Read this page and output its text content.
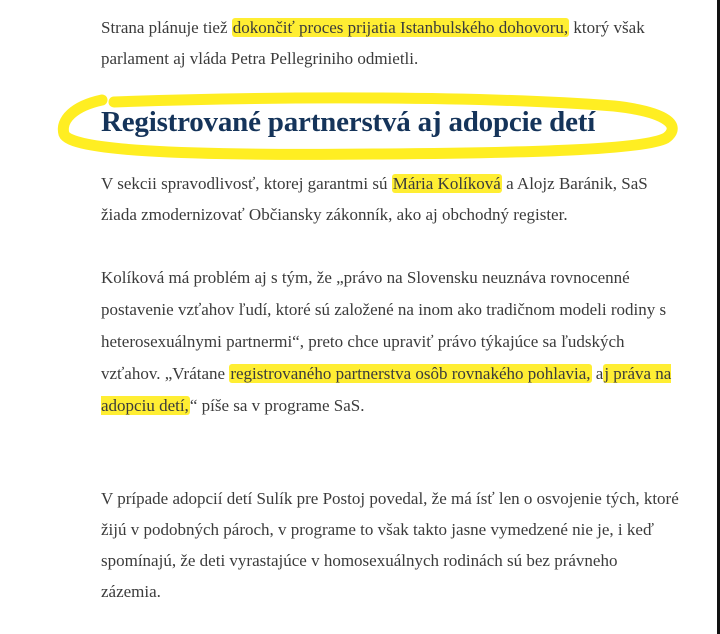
Strana plánuje tiež dokončiť proces prijatia Istanbulského dohovoru, ktorý však parlament aj vláda Petra Pellegriniho odmietli.

Registrované partnerstvá aj adopcie detí

V sekcii spravodlivosť, ktorej garantmi sú Mária Kolíková a Alojz Baránik, SaS žiada zmodernizovať Občiansky zákonník, ako aj obchodný register.

Kolíková má problém aj s tým, že „právo na Slovensku neuznáva rovnocenné postavenie vzťahov ľudí, ktoré sú založené na inom ako tradičnom modeli rodiny s heterosexuálnymi partnermi“, preto chce upraviť právo týkajúce sa ľudských vzťahov. „Vrátane registrovaného partnerstva osôb rovnakého pohlavia, aj práva na adopciu detí,“ píše sa v programe SaS.

V prípade adopcií detí Sulík pre Postoj povedal, že má ísť len o osvojenie tých, ktoré žijú v podobných pároch, v programe to však takto jasne vymedzené nie je, i keď spomínajú, že deti vyrastajúce v homosexuálnych rodinách sú bez právneho zázemia.
